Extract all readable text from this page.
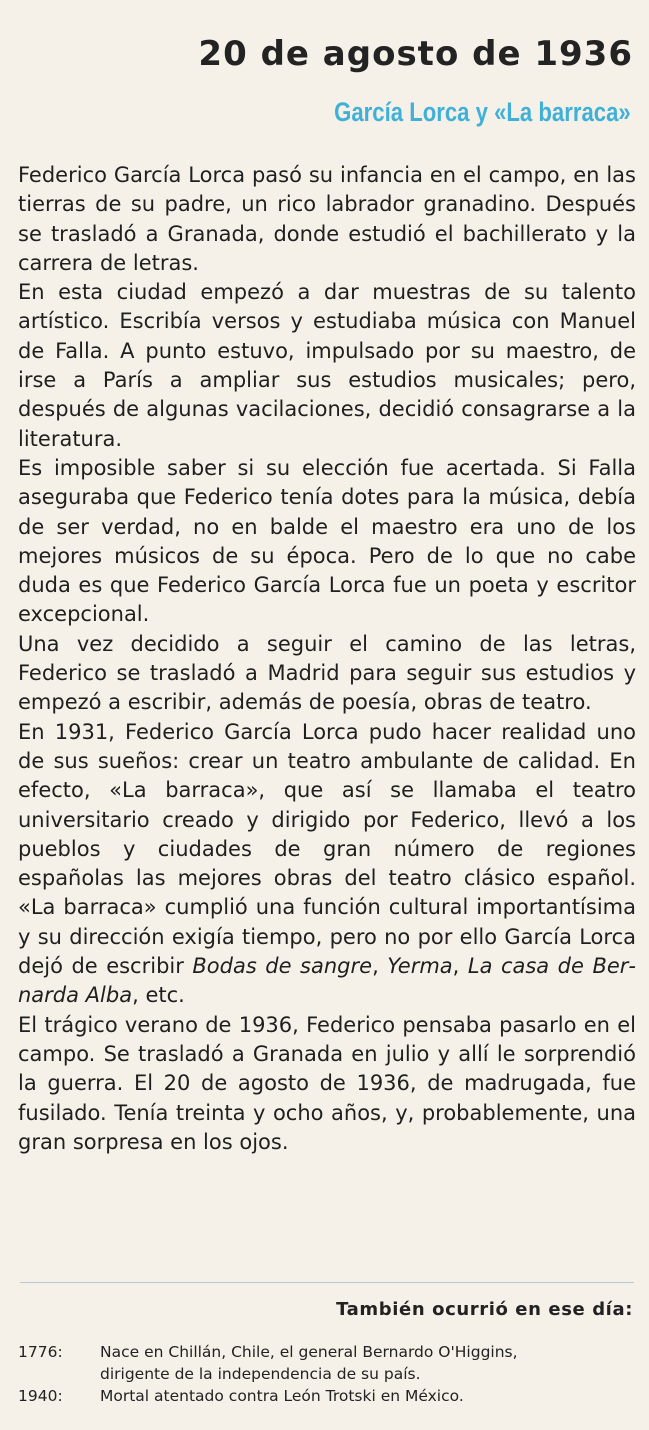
20 de agosto de 1936
García Lorca y «La barraca»

Federico García Lorca pasó su infancia en el campo, en las tierras de su padre, un rico labrador granadino. Después se trasladó a Granada, donde estudió el bachillerato y la carrera de letras.

En esta ciudad empezó a dar muestras de su talento artístico. Escribía versos y estudiaba música con Manuel de Falla. A punto estuvo, impulsado por su maestro, de irse a París a ampliar sus estudios musicales; pero, después de algunas vacilaciones, decidió consagrarse a la literatura.

Es imposible saber si su elección fue acertada. Si Falla aseguraba que Federico tenía dotes para la música, debía de ser verdad, no en balde el maestro era uno de los mejores músicos de su época. Pero de lo que no cabe duda es que Federico García Lorca fue un poeta y escritor excepcional.

Una vez decidido a seguir el camino de las letras, Federico se trasladó a Madrid para seguir sus estudios y empezó a escribir, además de poesía, obras de teatro.

En 1931, Federico García Lorca pudo hacer realidad uno de sus sueños: crear un teatro ambulante de calidad. En efecto, «La barraca», que así se llamaba el teatro universitario creado y dirigido por Federico, llevó a los pueblos y ciudades de gran número de regiones españolas las mejores obras del teatro clásico español. «La barraca» cumplió una función cultural importantísima y su dirección exigía tiempo, pero no por ello García Lorca dejó de escribir Bodas de sangre, Yerma, La casa de Bernarda Alba, etc.

El trágico verano de 1936, Federico pensaba pasarlo en el campo. Se trasladó a Granada en julio y allí le sorprendió la guerra. El 20 de agosto de 1936, de madrugada, fue fusilado. Tenía treinta y ocho años, y, probablemente, una gran sorpresa en los ojos.

También ocurrió en ese día:
1776:	Nace en Chillán, Chile, el general Bernardo O'Higgins,
dirigente de la independencia de su país.
1940:	Mortal atentado contra León Trotski en México.
